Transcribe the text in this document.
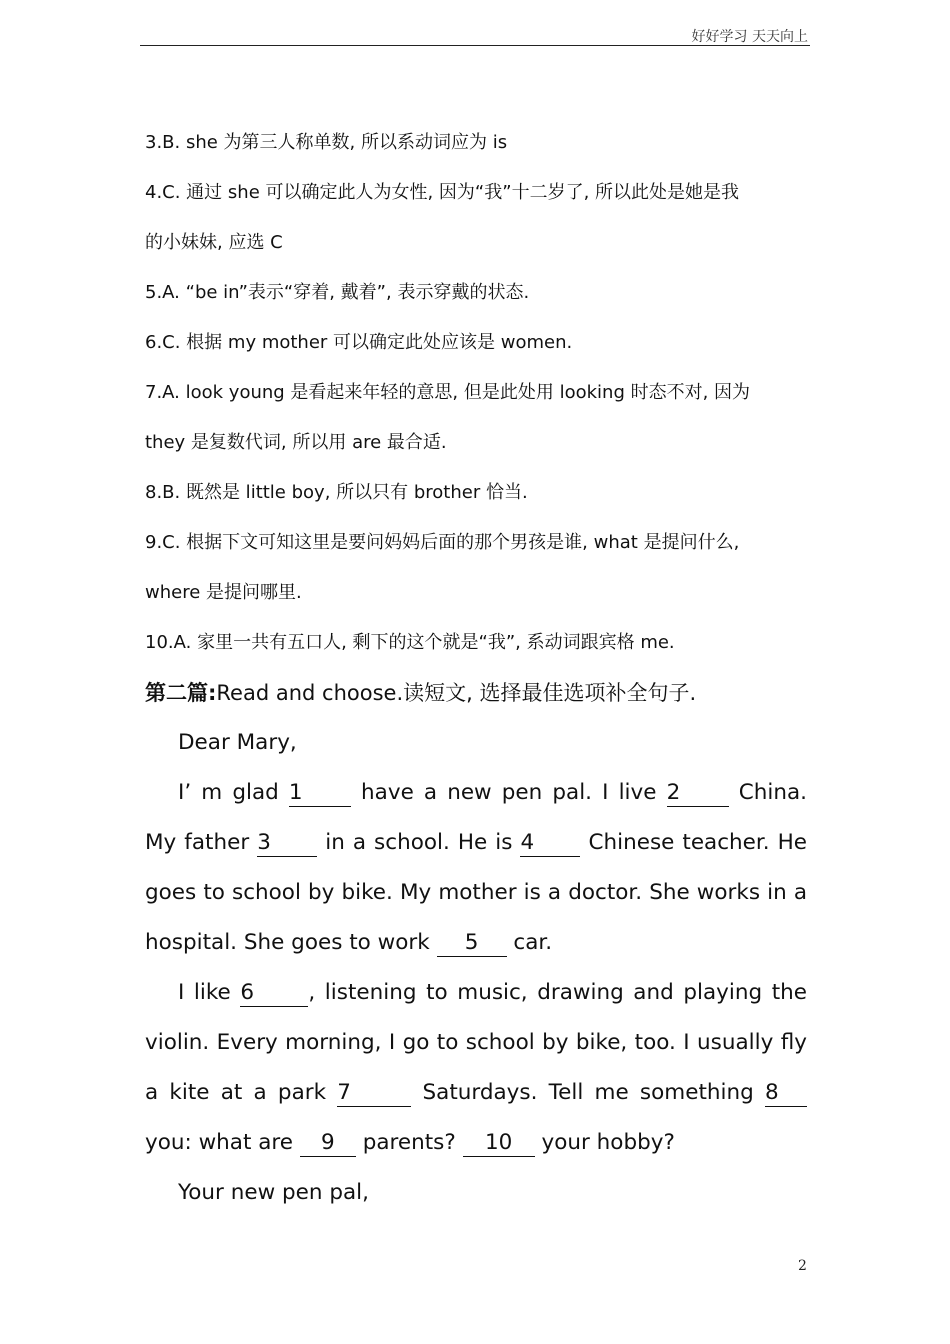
好好学习 天天向上
3.B. she 为第三人称单数, 所以系动词应为 is
4.C. 通过 she 可以确定此人为女性, 因为“我”十二岁了, 所以此处是她是我
的小妹妹, 应选 C
5.A. “be in”表示“穿着, 戴着”, 表示穿戴的状态.
6.C. 根据 my mother 可以确定此处应该是 women.
7.A. look young 是看起来年轻的意思, 但是此处用 looking 时态不对, 因为
they 是复数代词, 所以用 are 最合适.
8.B. 既然是 little boy, 所以只有 brother 恰当.
9.C. 根据下文可知这里是要问妈妈后面的那个男孩是谁, what 是提问什么,
where 是提问哪里.
10.A. 家里一共有五口人, 剩下的这个就是“我”, 系动词跟宾格 me.
第二篇:Read and choose.读短文, 选择最佳选项补全句子.
Dear Mary,
I’ m glad 1	have a new pen pal. I live 2	China.
My father 3	in a school. He is 4	Chinese teacher. He
goes to school by bike. My mother is a doctor. She works in a
hospital. She goes to work 5 car.
I like 6	, listening to music, drawing and playing the
violin. Every morning, I go to school by bike, too. I usually fly
a kite at a park 7	Saturdays. Tell me something 8
you: what are 9 parents? 10 your hobby?
Your new pen pal,
2
